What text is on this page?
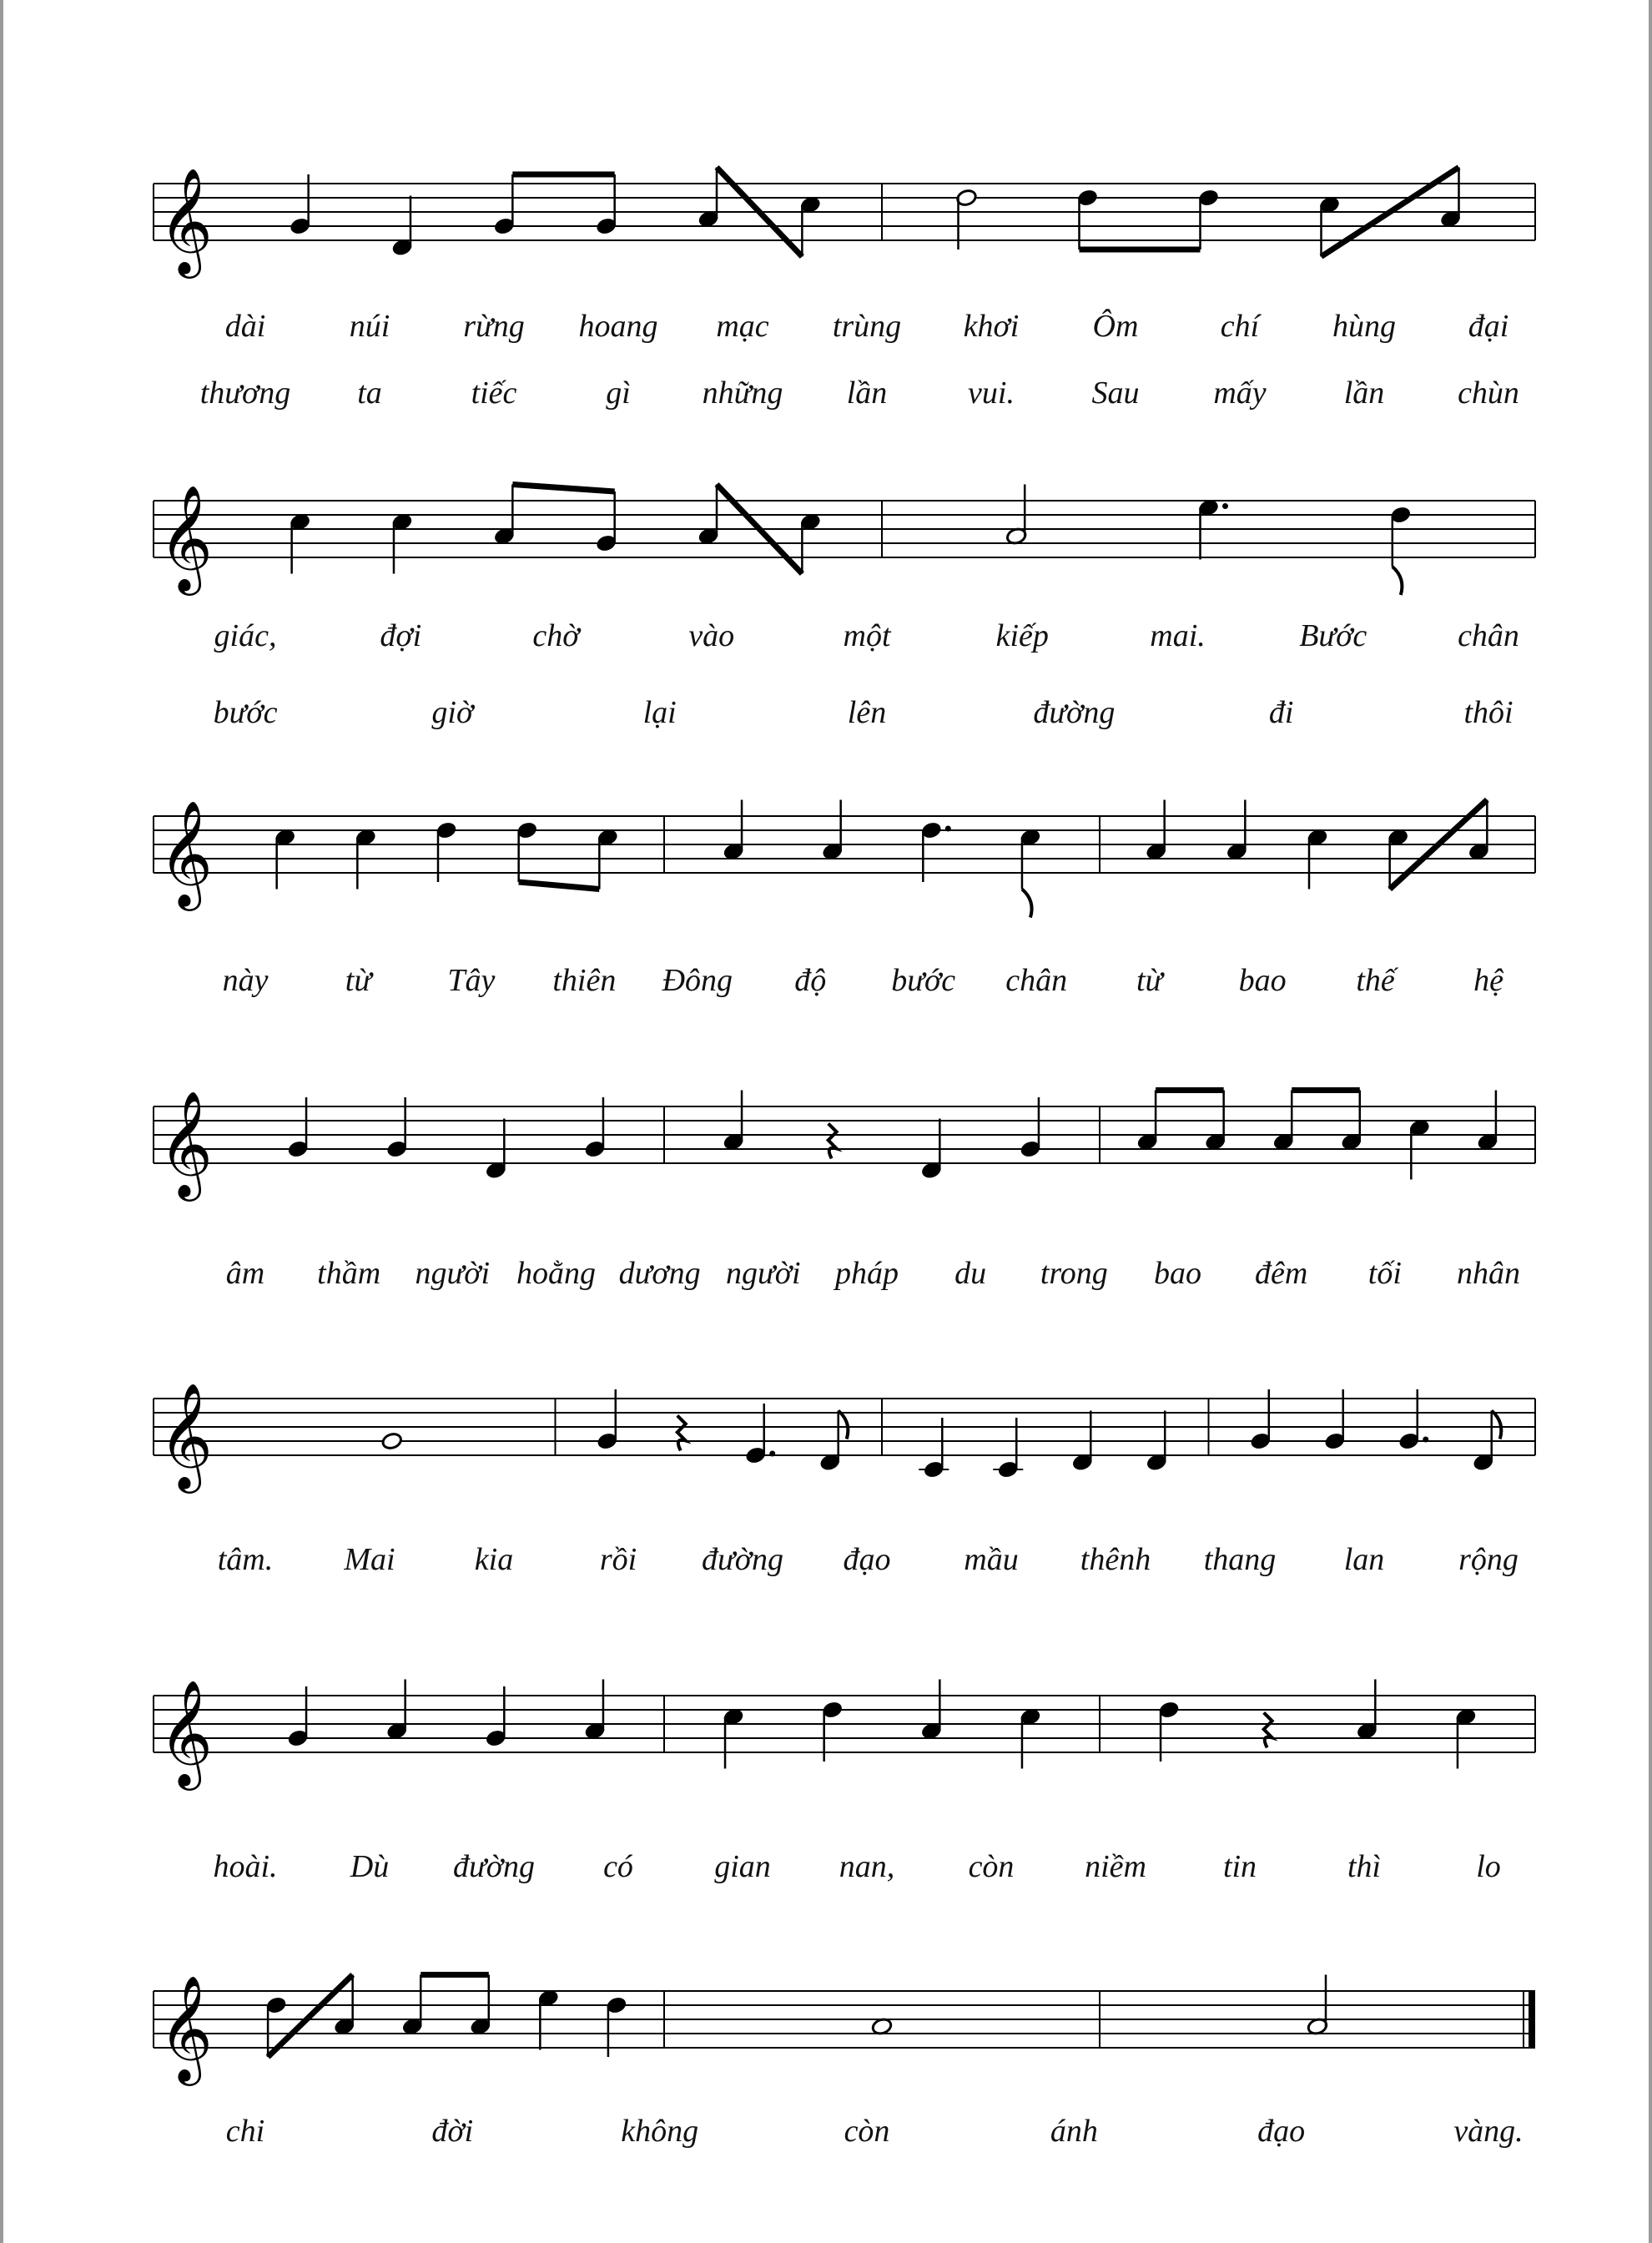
𝄞
𝄞
𝄞
𝄞
𝄞
𝄞
𝄞
dài	núi rừng hoang mạc trùng khơi Ôm	chí hùng đại
thương ta	tiếc	gì những lần	vui. Sau mấy lần chùn
giác,	đợi	chờ	vào	một	kiếp	mai.	Bước	chân
bước	giờ	lại	lên	đường	đi	thôi
này từ Tây thiên Đông độ bước chân từ bao thế hệ
âm thầm người hoằng dương người pháp du trong bao đêm tối nhân
tâm. Mai	kia	rồi đường đạo mầu thênh thang lan rộng
hoài. Dù đường có	gian nan, còn niềm tin	thì	lo
chi	đời	không	còn	ánh	đạo	vàng.
